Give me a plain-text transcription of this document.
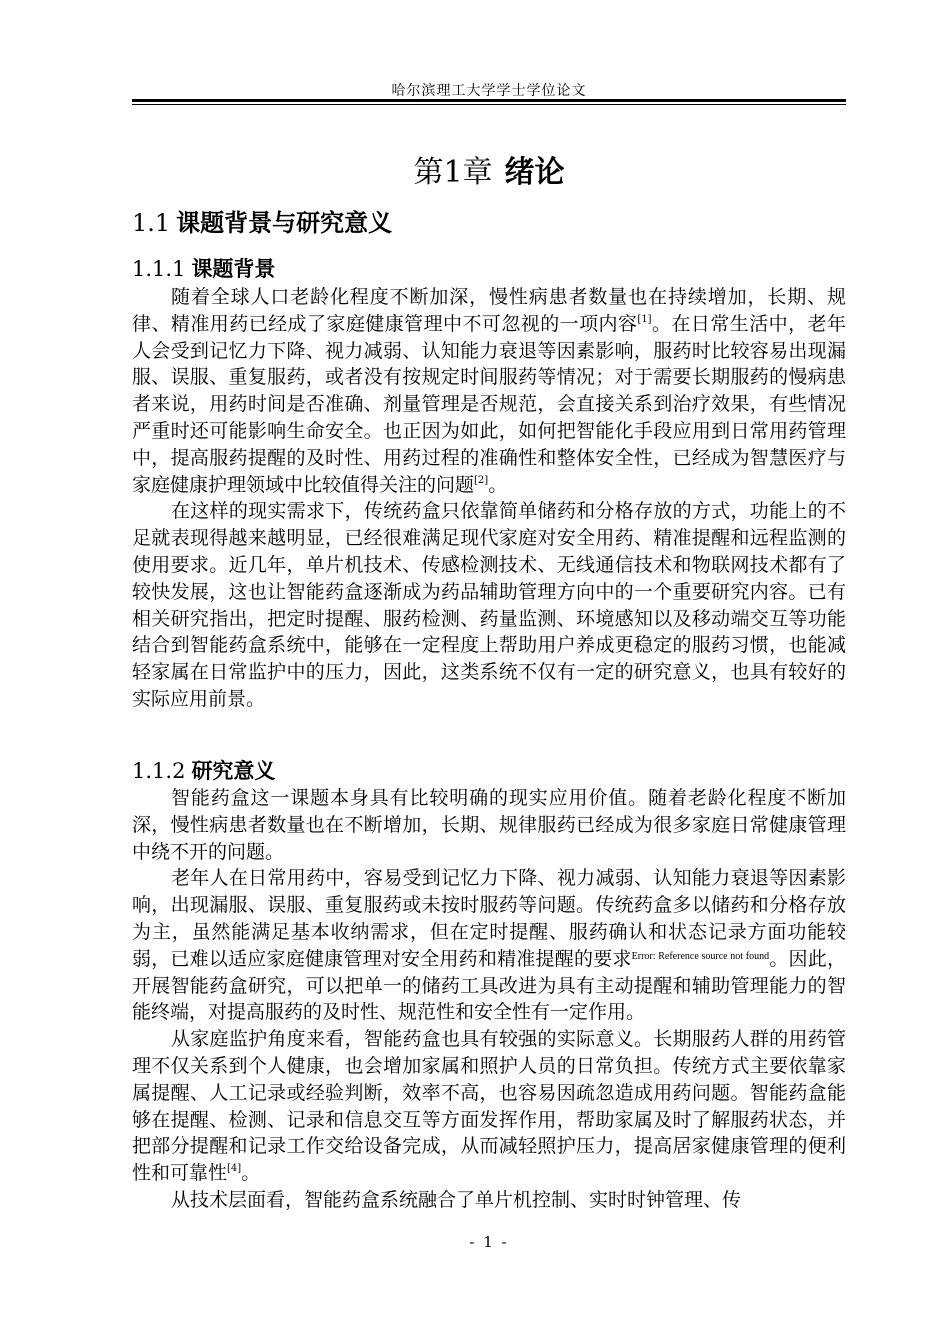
哈尔滨理工大学学士学位论文
第1章 绪论
1.1 课题背景与研究意义
1.1.1 课题背景

随着全球人口老龄化程度不断加深，慢性病患者数量也在持续增加，长期、规律、精准用药已经成了家庭健康管理中不可忽视的一项内容[1]。在日常生活中，老年人会受到记忆力下降、视力减弱、认知能力衰退等因素影响，服药时比较容易出现漏服、误服、重复服药，或者没有按规定时间服药等情况；对于需要长期服药的慢病患者来说，用药时间是否准确、剂量管理是否规范，会直接关系到治疗效果，有些情况严重时还可能影响生命安全。也正因为如此，如何把智能化手段应用到日常用药管理中，提高服药提醒的及时性、用药过程的准确性和整体安全性，已经成为智慧医疗与家庭健康护理领域中比较值得关注的问题[2]。

在这样的现实需求下，传统药盒只依靠简单储药和分格存放的方式，功能上的不足就表现得越来越明显，已经很难满足现代家庭对安全用药、精准提醒和远程监测的使用要求。近几年，单片机技术、传感检测技术、无线通信技术和物联网技术都有了较快发展，这也让智能药盒逐渐成为药品辅助管理方向中的一个重要研究内容。已有相关研究指出，把定时提醒、服药检测、药量监测、环境感知以及移动端交互等功能结合到智能药盒系统中，能够在一定程度上帮助用户养成更稳定的服药习惯，也能减轻家属在日常监护中的压力，因此，这类系统不仅有一定的研究意义，也具有较好的实际应用前景。

1.1.2 研究意义

智能药盒这一课题本身具有比较明确的现实应用价值。随着老龄化程度不断加深，慢性病患者数量也在不断增加，长期、规律服药已经成为很多家庭日常健康管理中绕不开的问题。

老年人在日常用药中，容易受到记忆力下降、视力减弱、认知能力衰退等因素影响，出现漏服、误服、重复服药或未按时服药等问题。传统药盒多以储药和分格存放为主，虽然能满足基本收纳需求，但在定时提醒、服药确认和状态记录方面功能较弱，已难以适应家庭健康管理对安全用药和精准提醒的要求$^{Error: Reference source not found}$。因此，开展智能药盒研究，可以把单一的储药工具改进为具有主动提醒和辅助管理能力的智能终端，对提高服药的及时性、规范性和安全性有一定作用。

从家庭监护角度来看，智能药盒也具有较强的实际意义。长期服药人群的用药管理不仅关系到个人健康，也会增加家属和照护人员的日常负担。传统方式主要依靠家属提醒、人工记录或经验判断，效率不高，也容易因疏忽造成用药问题。智能药盒能够在提醒、检测、记录和信息交互等方面发挥作用，帮助家属及时了解服药状态，并把部分提醒和记录工作交给设备完成，从而减轻照护压力，提高居家健康管理的便利性和可靠性[4]。

从技术层面看，智能药盒系统融合了单片机控制、实时时钟管理、传

- 1 -
